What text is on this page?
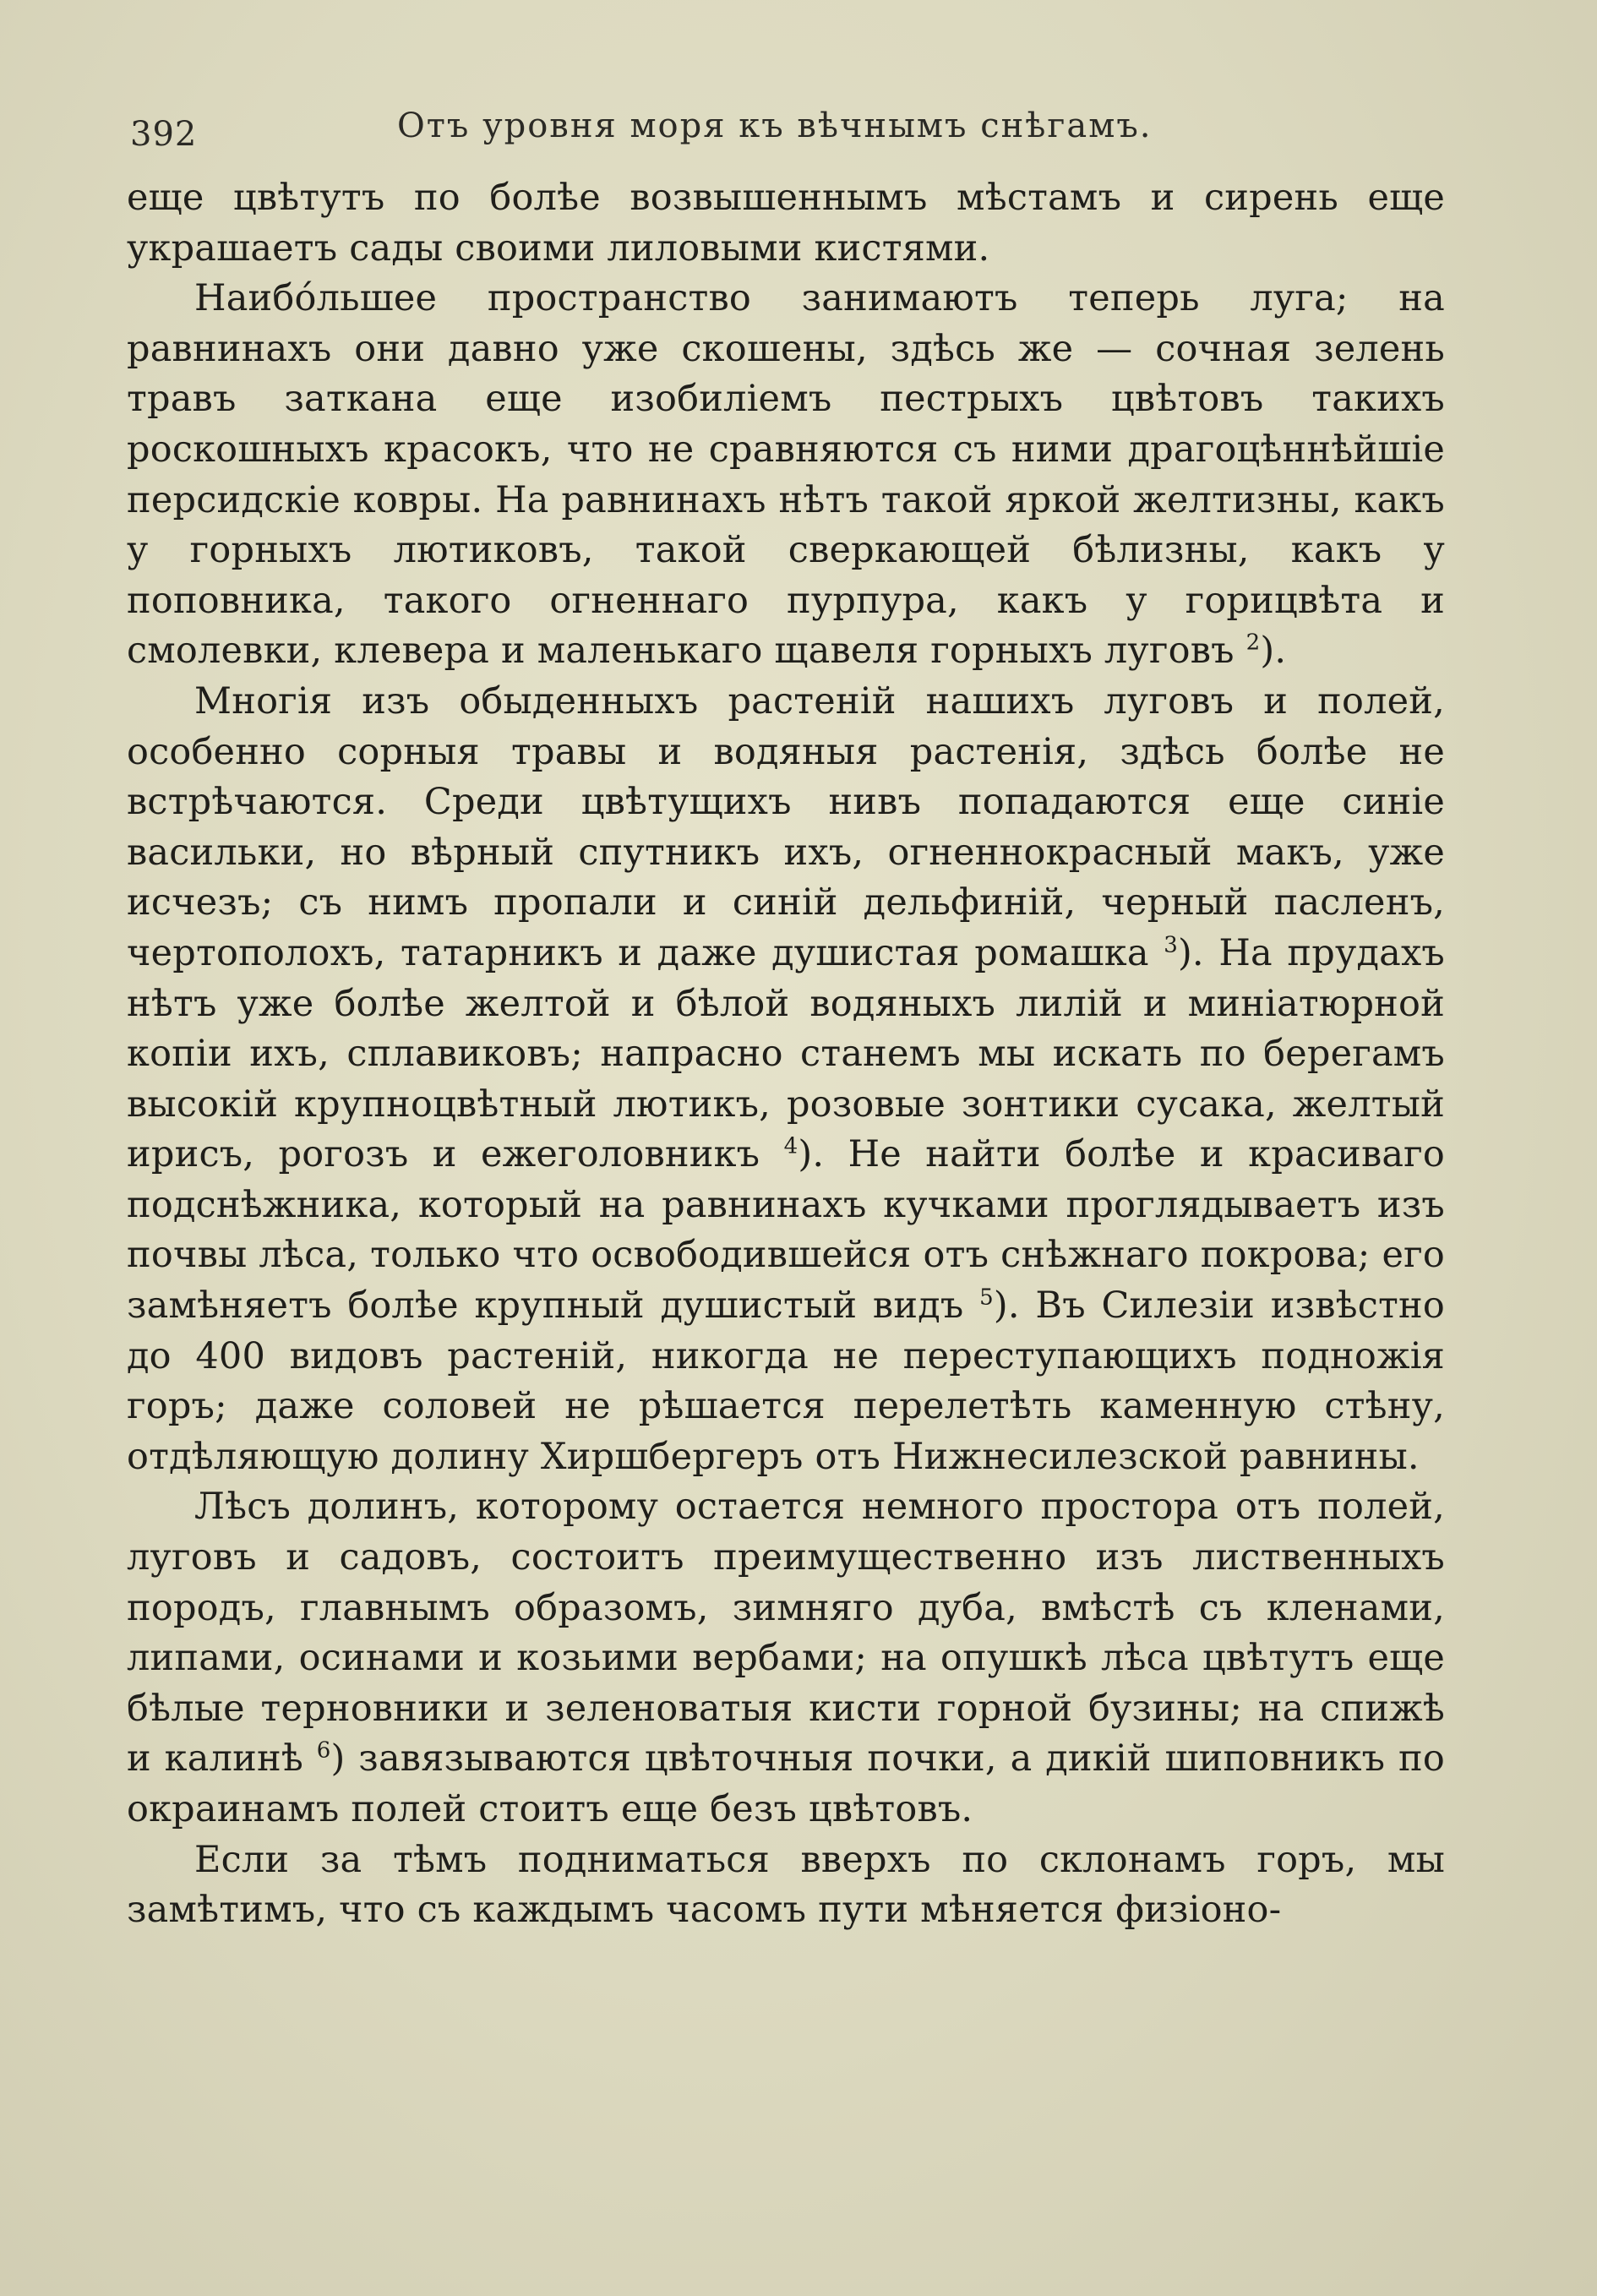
392	Отъ уровня моря къ вѣчнымъ снѣгамъ.

еще цвѣтутъ по болѣе возвышеннымъ мѣстамъ и сирень еще украшаетъ сады своими лиловыми кистями.

Наибóльшее пространство занимаютъ теперь луга; на равнинахъ они давно уже скошены, здѣсь же — сочная зелень травъ заткана еще изобиліемъ пестрыхъ цвѣтовъ такихъ роскошныхъ красокъ, что не сравняются съ ними драгоцѣннѣйшіе персидскіе ковры. На равнинахъ нѣтъ такой яркой желтизны, какъ у горныхъ лютиковъ, такой сверкающей бѣлизны, какъ у поповника, такого огненнаго пурпура, какъ у горицвѣта и смолевки, клевера и маленькаго щавеля горныхъ луговъ $^2$).

Многія изъ обыденныхъ растеній нашихъ луговъ и полей, особенно сорныя травы и водяныя растенія, здѣсь болѣе не встрѣчаются. Среди цвѣтущихъ нивъ попадаются еще синіе васильки, но вѣрный спутникъ ихъ, огненнокрасный макъ, уже исчезъ; съ нимъ пропали и синій дельфиній, черный пасленъ, чертополохъ, татарникъ и даже душистая ромашка $^3$). На прудахъ нѣтъ уже болѣе желтой и бѣлой водяныхъ лилій и миніатюрной копіи ихъ, сплавиковъ; напрасно станемъ мы искать по берегамъ высокій крупноцвѣтный лютикъ, розовые зонтики сусака, желтый ирисъ, рогозъ и ежеголовникъ $^4$). Не найти болѣе и красиваго подснѣжника, который на равнинахъ кучками проглядываетъ изъ почвы лѣса, только что освободившейся отъ снѣжнаго покрова; его замѣняетъ болѣе крупный душистый видъ $^5$). Въ Силезіи извѣстно до 400 видовъ растеній, никогда не переступающихъ подножія горъ; даже соловей не рѣшается перелетѣть каменную стѣну, отдѣляющую долину Хиршбергеръ отъ Нижнесилезской равнины.

Лѣсъ долинъ, которому остается немного простора отъ полей, луговъ и садовъ, состоитъ преимущественно изъ лиственныхъ породъ, главнымъ образомъ, зимняго дуба, вмѣстѣ съ кленами, липами, осинами и козьими вербами; на опушкѣ лѣса цвѣтутъ еще бѣлые терновники и зеленоватыя кисти горной бузины; на спижѣ и калинѣ $^6$) завязываются цвѣточныя почки, а дикій шиповникъ по окраинамъ полей стоитъ еще безъ цвѣтовъ.

Если за тѣмъ подниматься вверхъ по склонамъ горъ, мы замѣтимъ, что съ каждымъ часомъ пути мѣняется физіоно-
